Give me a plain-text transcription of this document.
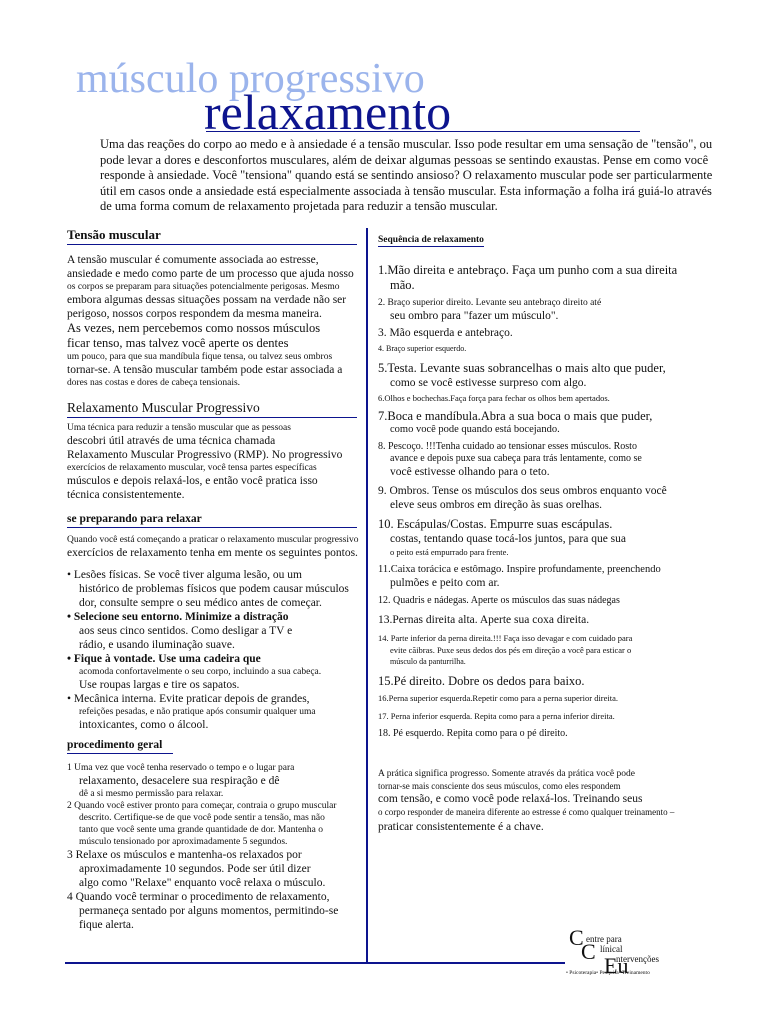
músculo progressivo
relaxamento
Uma das reações do corpo ao medo e à ansiedade é a tensão muscular. Isso pode resultar em uma sensação de "tensão", ou pode levar a dores e desconfortos musculares, além de deixar algumas pessoas se sentindo exaustas. Pense em como você responde à ansiedade. Você "tensiona" quando está se sentindo ansioso? O relaxamento muscular pode ser particularmente útil em casos onde a ansiedade está especialmente associada à tensão muscular. Esta informação a folha irá guiá-lo através de uma forma comum de relaxamento projetada para reduzir a tensão muscular.
Tensão muscular

A tensão muscular é comumente associada ao estresse,

ansiedade e medo como parte de um processo que ajuda nosso

os corpos se preparam para situações potencialmente perigosas. Mesmo

embora algumas dessas situações possam na verdade não ser

perigoso, nossos corpos respondem da mesma maneira.

As vezes, nem percebemos como nossos músculos

ficar tenso, mas talvez você aperte os dentes

um pouco, para que sua mandíbula fique tensa, ou talvez seus ombros

tornar-se. A tensão muscular também pode estar associada a

dores nas costas e dores de cabeça tensionais.

Relaxamento Muscular Progressivo

Uma técnica para reduzir a tensão muscular que as pessoas

descobri útil através de uma técnica chamada

Relaxamento Muscular Progressivo (RMP). No progressivo

exercícios de relaxamento muscular, você tensa partes específicas

músculos e depois relaxá-los, e então você pratica isso

técnica consistentemente.

se preparando para relaxar

Quando você está começando a praticar o relaxamento muscular progressivo

exercícios de relaxamento tenha em mente os seguintes pontos.

• Lesões físicas. Se você tiver alguma lesão, ou um

histórico de problemas físicos que podem causar músculos

dor, consulte sempre o seu médico antes de começar.

• Selecione seu entorno. Minimize a distração

aos seus cinco sentidos. Como desligar a TV e

rádio, e usando iluminação suave.

• Fique à vontade. Use uma cadeira que

acomoda confortavelmente o seu corpo, incluindo a sua cabeça.

Use roupas largas e tire os sapatos.

• Mecânica interna. Evite praticar depois de grandes,

refeições pesadas, e não pratique após consumir qualquer uma

intoxicantes, como o álcool.

procedimento geral

1 Uma vez que você tenha reservado o tempo e o lugar para

relaxamento, desacelere sua respiração e dê

dê a si mesmo permissão para relaxar.

2 Quando você estiver pronto para começar, contraia o grupo muscular

descrito. Certifique-se de que você pode sentir a tensão, mas não

tanto que você sente uma grande quantidade de dor. Mantenha o

músculo tensionado por aproximadamente 5 segundos.

3 Relaxe os músculos e mantenha-os relaxados por

aproximadamente 10 segundos. Pode ser útil dizer

algo como "Relaxe" enquanto você relaxa o músculo.

4 Quando você terminar o procedimento de relaxamento,

permaneça sentado por alguns momentos, permitindo-se

fique alerta.

Sequência de relaxamento

1.Mão direita e antebraço. Faça um punho com a sua direita

mão.

2. Braço superior direito. Levante seu antebraço direito até

seu ombro para "fazer um músculo".

3. Mão esquerda e antebraço.

4. Braço superior esquerdo.

5.Testa. Levante suas sobrancelhas o mais alto que puder,

como se você estivesse surpreso com algo.

6.Olhos e bochechas.Faça força para fechar os olhos bem apertados.

7.Boca e mandíbula.Abra a sua boca o mais que puder,

como você pode quando está bocejando.

8. Pescoço. !!!Tenha cuidado ao tensionar esses músculos. Rosto

avance e depois puxe sua cabeça para trás lentamente, como se

você estivesse olhando para o teto.

9. Ombros. Tense os músculos dos seus ombros enquanto você

eleve seus ombros em direção às suas orelhas.

10. Escápulas/Costas. Empurre suas escápulas.

costas, tentando quase tocá-los juntos, para que sua

o peito está empurrado para frente.

11.Caixa torácica e estômago. Inspire profundamente, preenchendo

pulmões e peito com ar.

12. Quadris e nádegas. Aperte os músculos das suas nádegas

13.Pernas direita alta. Aperte sua coxa direita.

14. Parte inferior da perna direita.!!! Faça isso devagar e com cuidado para

evite cãibras. Puxe seus dedos dos pés em direção a você para esticar o

músculo da panturrilha.

15.Pé direito. Dobre os dedos para baixo.

16.Perna superior esquerda.Repetir como para a perna superior direita.

17. Perna inferior esquerda. Repita como para a perna inferior direita.

18. Pé esquerdo. Repita como para o pé direito.

A prática significa progresso. Somente através da prática você pode

tornar-se mais consciente dos seus músculos, como eles respondem

com tensão, e como você pode relaxá-los. Treinando seus

o corpo responder de maneira diferente ao estresse é como qualquer treinamento –

praticar consistentemente é a chave.

C entre para
C línical
Eu
nterven​ções
• Psicoterapia• Pesquisa• Treinamento
